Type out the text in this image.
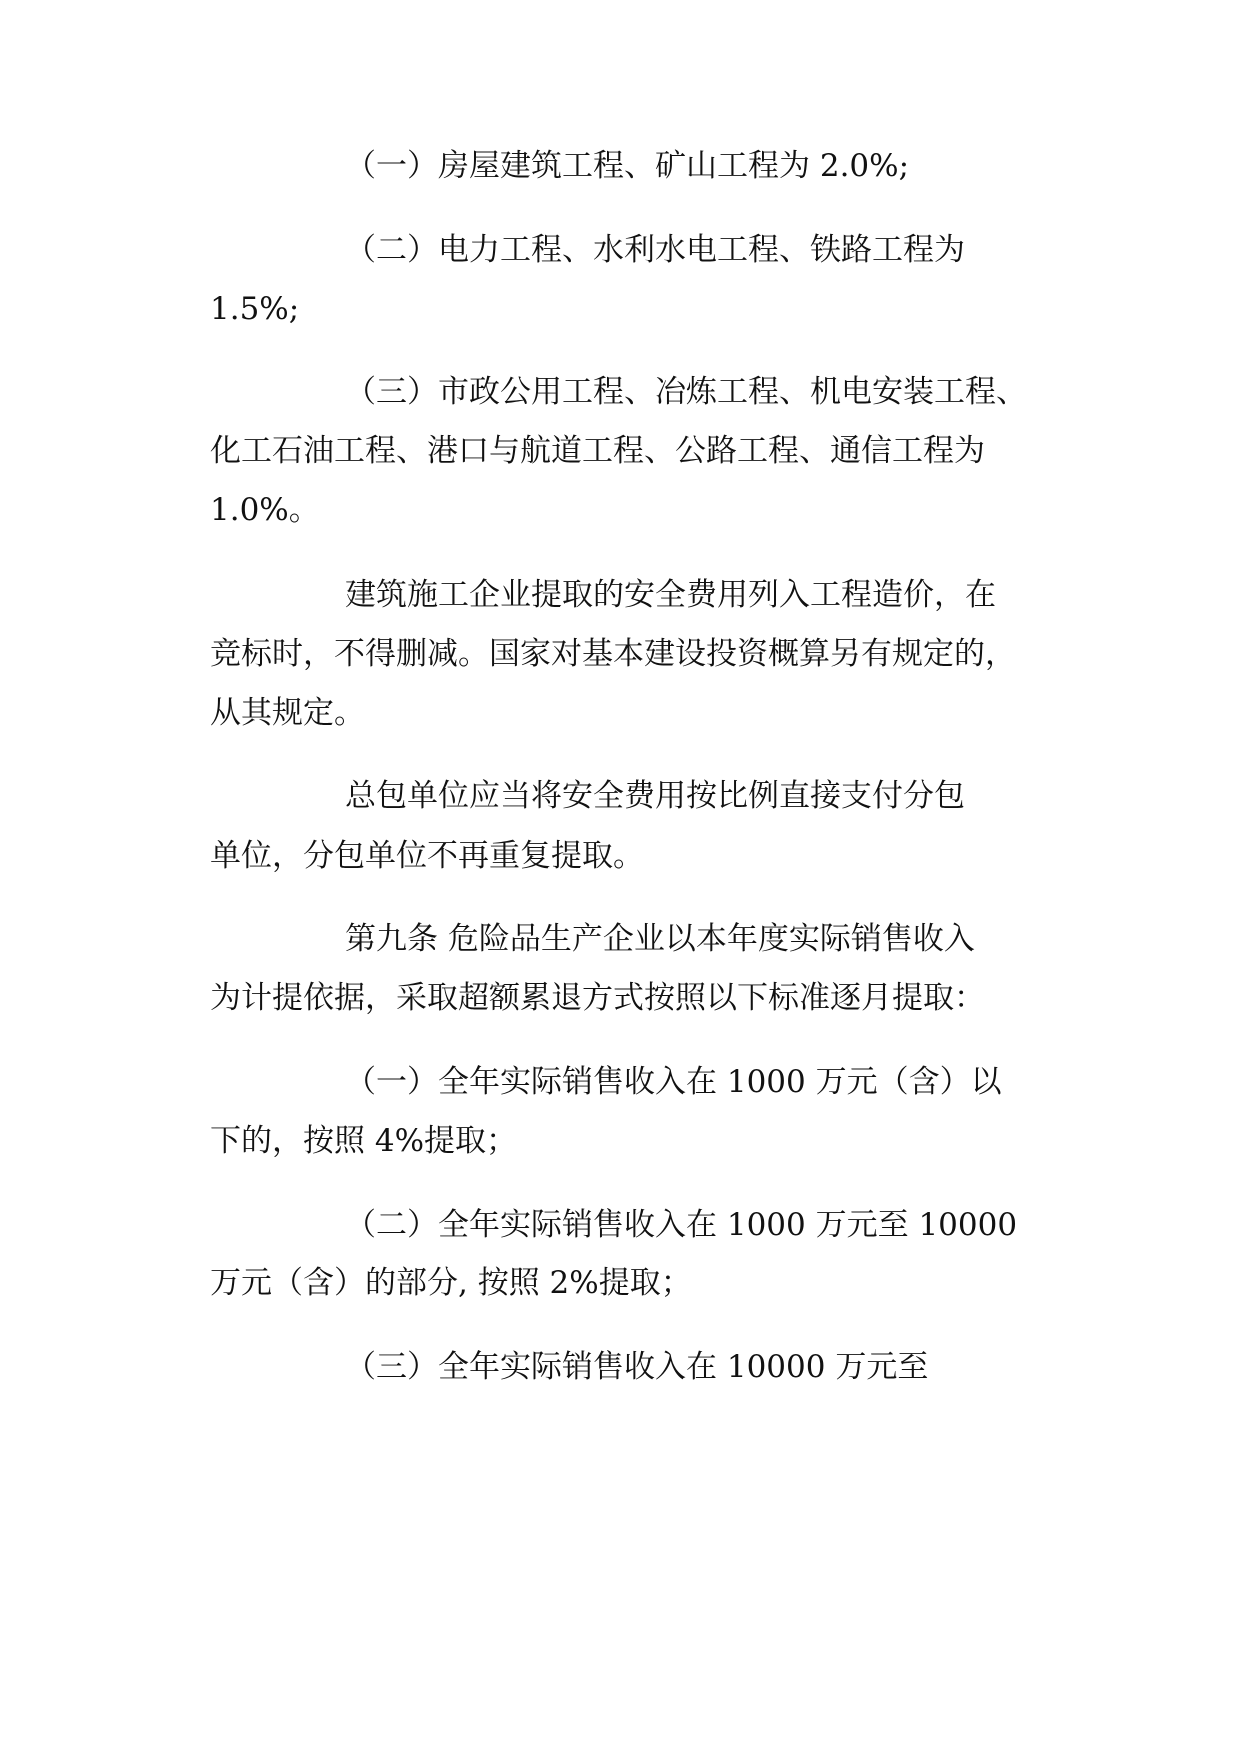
（一）房屋建筑工程、矿山工程为 2.0%;

（二）电力工程、水利水电工程、铁路工程为

1.5%;

（三）市政公用工程、冶炼工程、机电安装工程、

化工石油工程、港口与航道工程、公路工程、通信工程为

1.0%。

建筑施工企业提取的安全费用列入工程造价，在

竞标时，不得删减。国家对基本建设投资概算另有规定的，

从其规定。

总包单位应当将安全费用按比例直接支付分包

单位，分包单位不再重复提取。

第九条 危险品生产企业以本年度实际销售收入

为计提依据，采取超额累退方式按照以下标准逐月提取：

（一）全年实际销售收入在 1000 万元（含）以

下的，按照 4%提取；

（二）全年实际销售收入在 1000 万元至 10000

万元（含）的部分, 按照 2%提取；

（三）全年实际销售收入在 10000 万元至
